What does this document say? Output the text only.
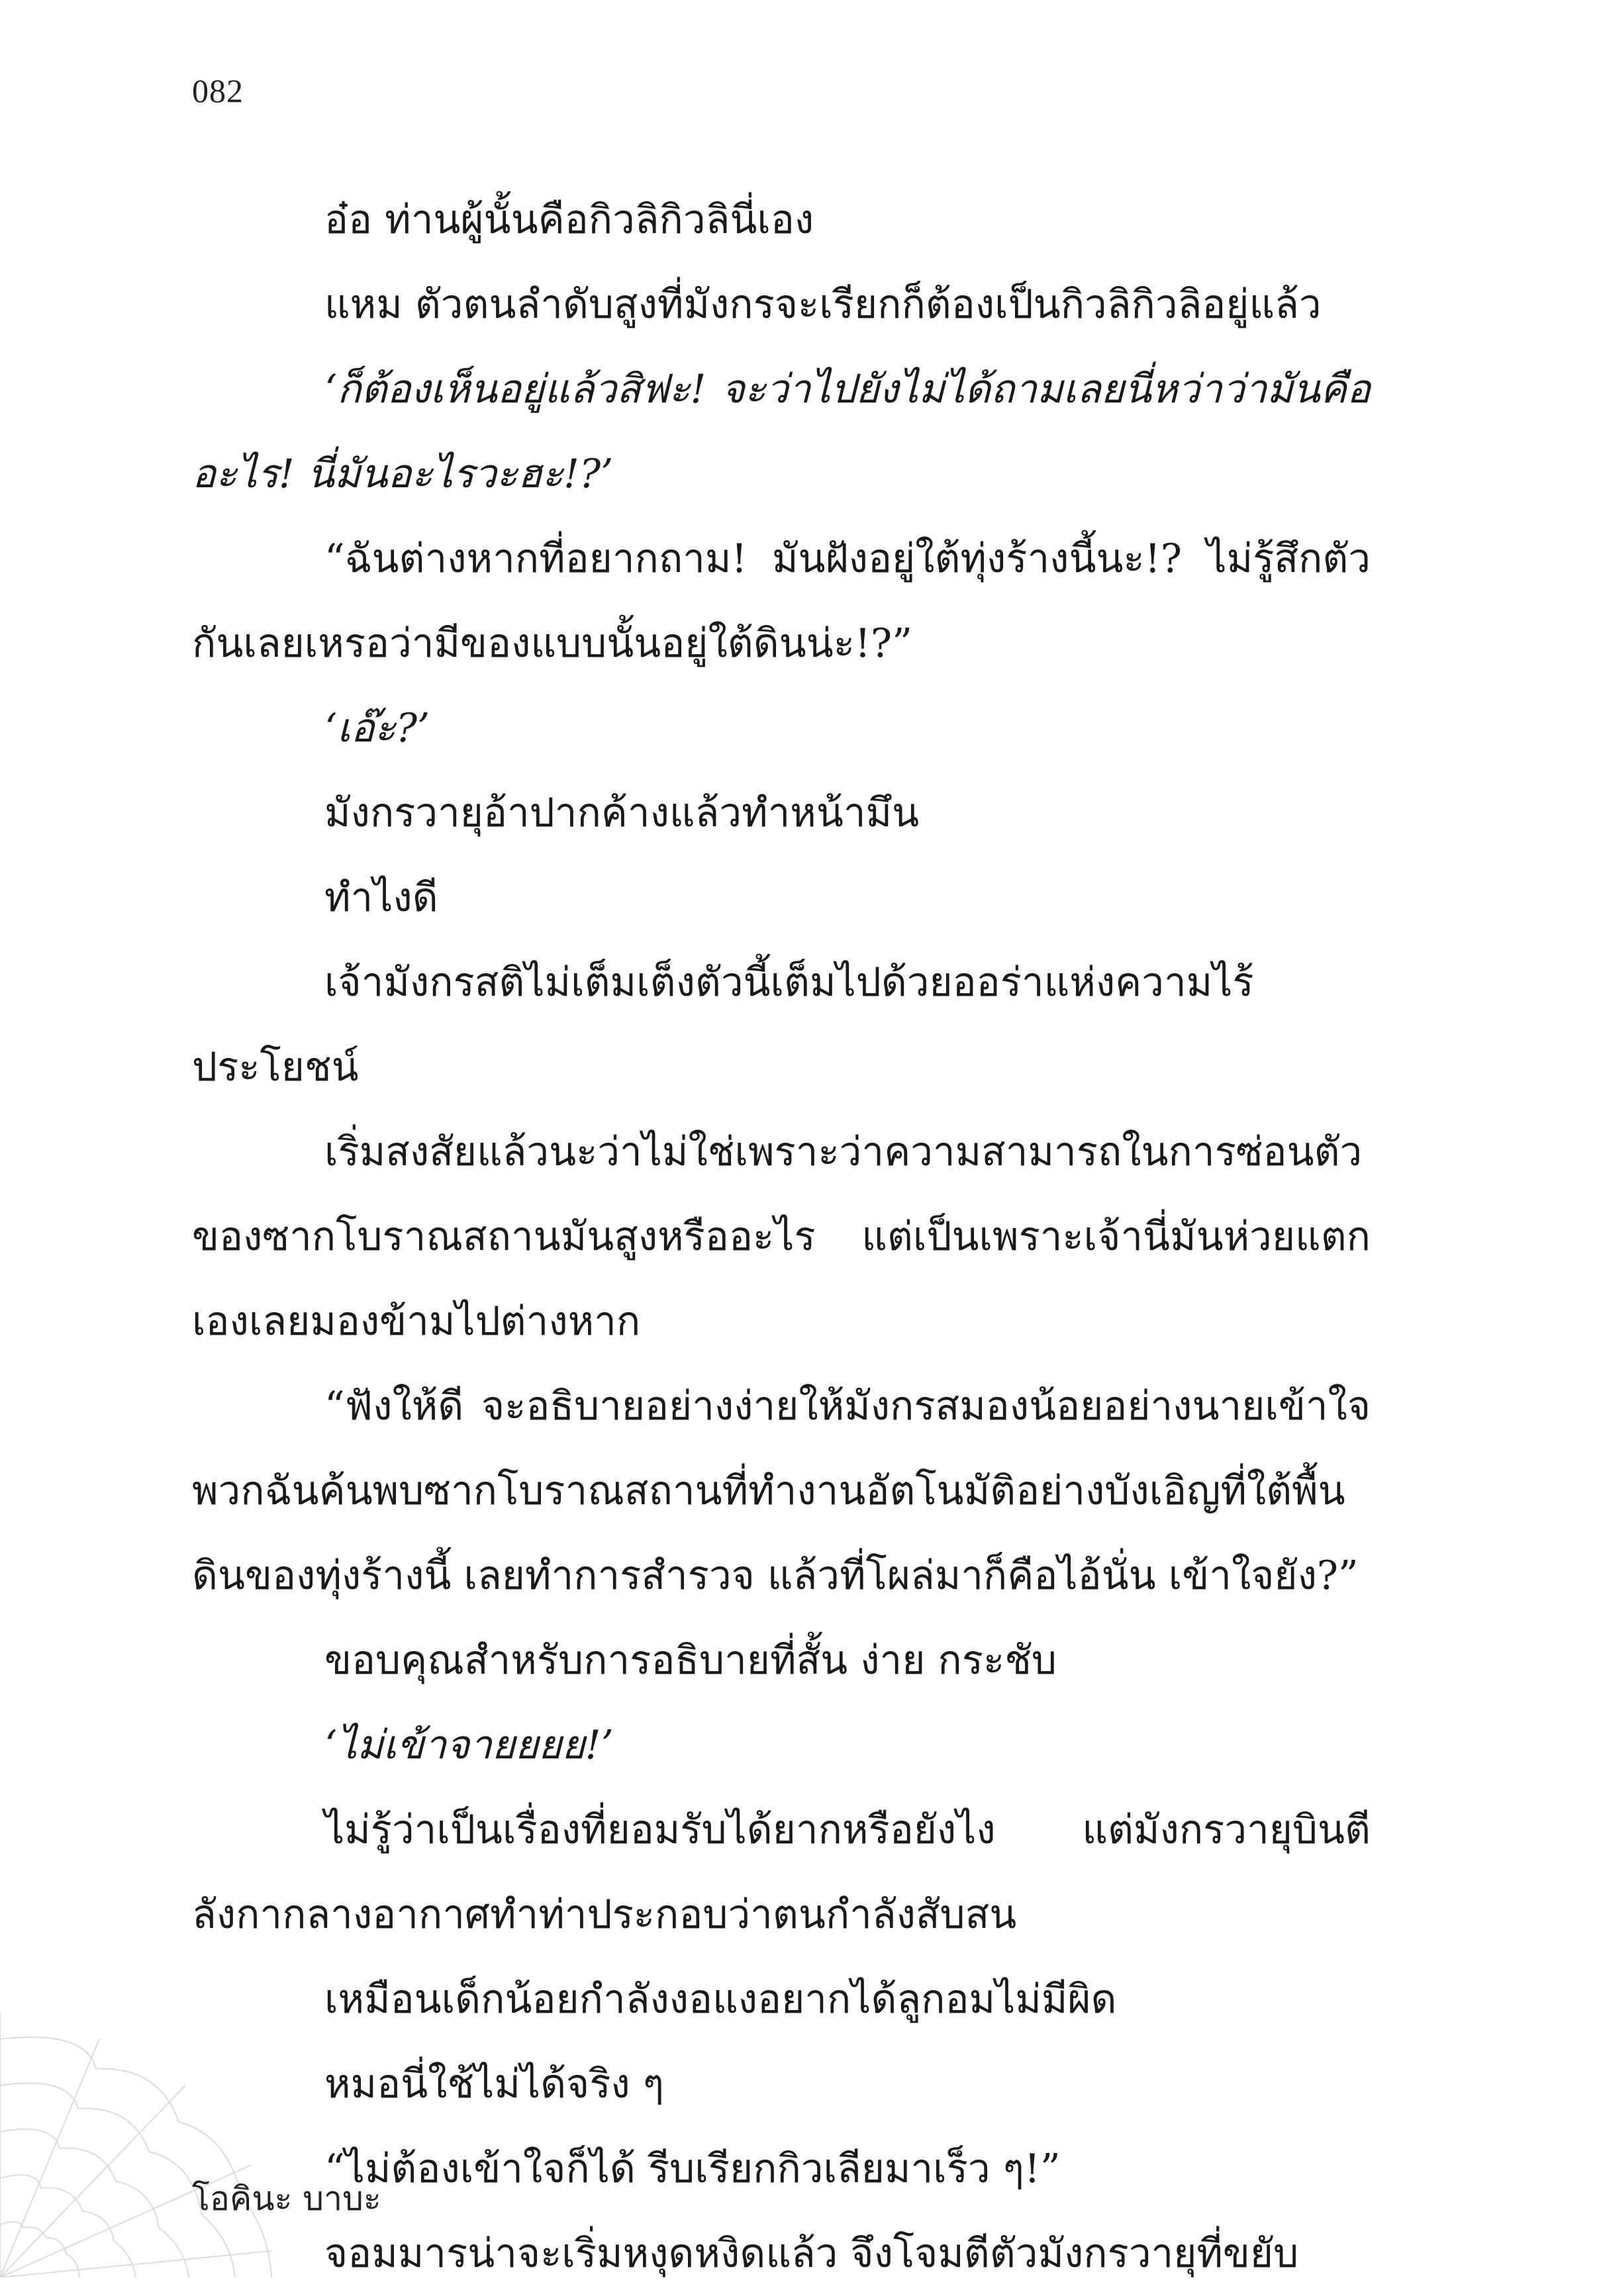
082

อ๋อ ท่านผู้นั้นคือกิวลิกิวลินี่เอง

แหม ตัวตนลำดับสูงที่มังกรจะเรียกก็ต้องเป็นกิวลิกิวลิอยู่แล้ว

‘ก็ต้องเห็นอยู่แล้วสิฟะ! จะว่าไปยังไม่ได้ถามเลยนี่หว่าว่ามันคืออะไร! นี่มันอะไรวะฮะ!?’

“ฉันต่างหากที่อยากถาม! มันฝังอยู่ใต้ทุ่งร้างนี้นะ!? ไม่รู้สึกตัวกันเลยเหรอว่ามีของแบบนั้นอยู่ใต้ดินน่ะ!?”

‘เอ๊ะ?’

มังกรวายุอ้าปากค้างแล้วทำหน้ามึน

ทำไงดี

เจ้ามังกรสติไม่เต็มเต็งตัวนี้เต็มไปด้วยออร่าแห่งความไร้ประโยชน์

เริ่มสงสัยแล้วนะว่าไม่ใช่เพราะว่าความสามารถในการซ่อนตัวของซากโบราณสถานมันสูงหรืออะไร แต่เป็นเพราะเจ้านี่มันห่วยแตกเองเลยมองข้ามไปต่างหาก

“ฟังให้ดี จะอธิบายอย่างง่ายให้มังกรสมองน้อยอย่างนายเข้าใจ พวกฉันค้นพบซากโบราณสถานที่ทำงานอัตโนมัติอย่างบังเอิญที่ใต้พื้นดินของทุ่งร้างนี้ เลยทำการสำรวจ แล้วที่โผล่มาก็คือไอ้นั่น เข้าใจยัง?”

ขอบคุณสำหรับการอธิบายที่สั้น ง่าย กระชับ

‘ไม่เข้าจายยยย!’

ไม่รู้ว่าเป็นเรื่องที่ยอมรับได้ยากหรือยังไง แต่มังกรวายุบินตีลังกากลางอากาศทำท่าประกอบว่าตนกำลังสับสน

เหมือนเด็กน้อยกำลังงอแงอยากได้ลูกอมไม่มีผิด

หมอนี่ใช้ไม่ได้จริง ๆ

“ไม่ต้องเข้าใจก็ได้ รีบเรียกกิวเลียมาเร็ว ๆ!”

จอมมารน่าจะเริ่มหงุดหงิดแล้ว จึงโจมตีตัวมังกรวายุที่ขยับ

โอคินะ บาบะ
